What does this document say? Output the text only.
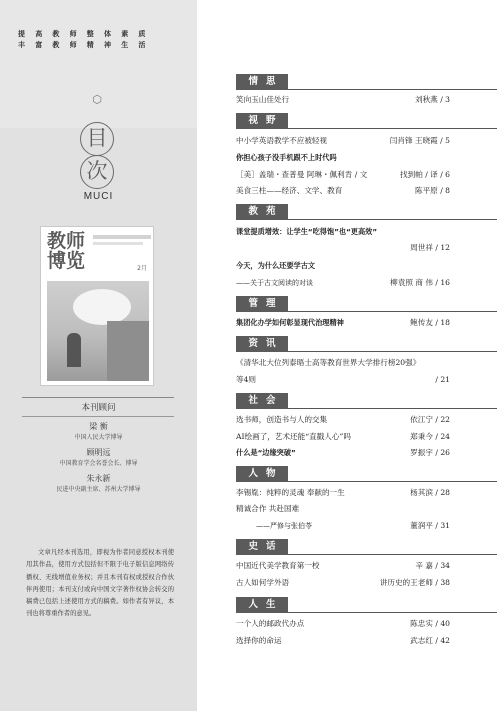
提高教师整体素质
丰富教师精神生活
⬡
目
次
MUCI
教师博览	2月
本刊顾问
梁 衡
中国人民大学博导
顾明远
中国教育学会名誉会长、博导
朱永新
民进中央副主席、苏州大学博导
文章凡经本刊选用，即视为作者同意授权本刊使用其作品，使用方式包括但不限于电子版信息网络传播权、无线增值业务权；并且本刊有权或授权合作伙伴再使用；本刊支付或向中国文字著作权协会转交的稿费已包括上述使用方式的稿费。如作者有异议，本刊也将尊重作者的意见。
情思
笑向玉山佳处行	刘秋燕 / 3
视野
中小学英语教学不应被轻视	闫肖锋 王晓霞 / 5
你担心孩子没手机跟不上时代吗
［美］盖瑞・查普曼 阿琳・佩利肯 / 文	找到帕 / 译 / 6
美食三柱——经济、文学、教育	陈平原 / 8
教苑
课堂提质增效：让学生“吃得饱”也“更高效”
周世祥 / 12
今天，为什么还要学古文
——关于古文阅读的对谈	柳袁照 商 伟 / 16
管理
集团化办学如何彰显现代治理精神	鲍传友 / 18
资讯
《清华北大位列泰晤士高等教育世界大学排行榜20强》
等4则	/ 21
社会
选书师，创造书与人的交集	依江宁 / 22
AI绘画了，艺术还能“直戳人心”吗	郑秉今 / 24
什么是“边缘突破”	罗振宇 / 26
人物
李锡胤：纯粹的灵魂 奉献的一生	杨其滨 / 28
精诚合作 共赴国难
——严修与张伯苓	董润平 / 31
史话
中国近代美学教育第一校	辛 嘉 / 34
古人如何学外语	讲历史的王老师 / 38
人生
一个人的邮政代办点	陈忠实 / 40
选择你的命运	武志红 / 42
